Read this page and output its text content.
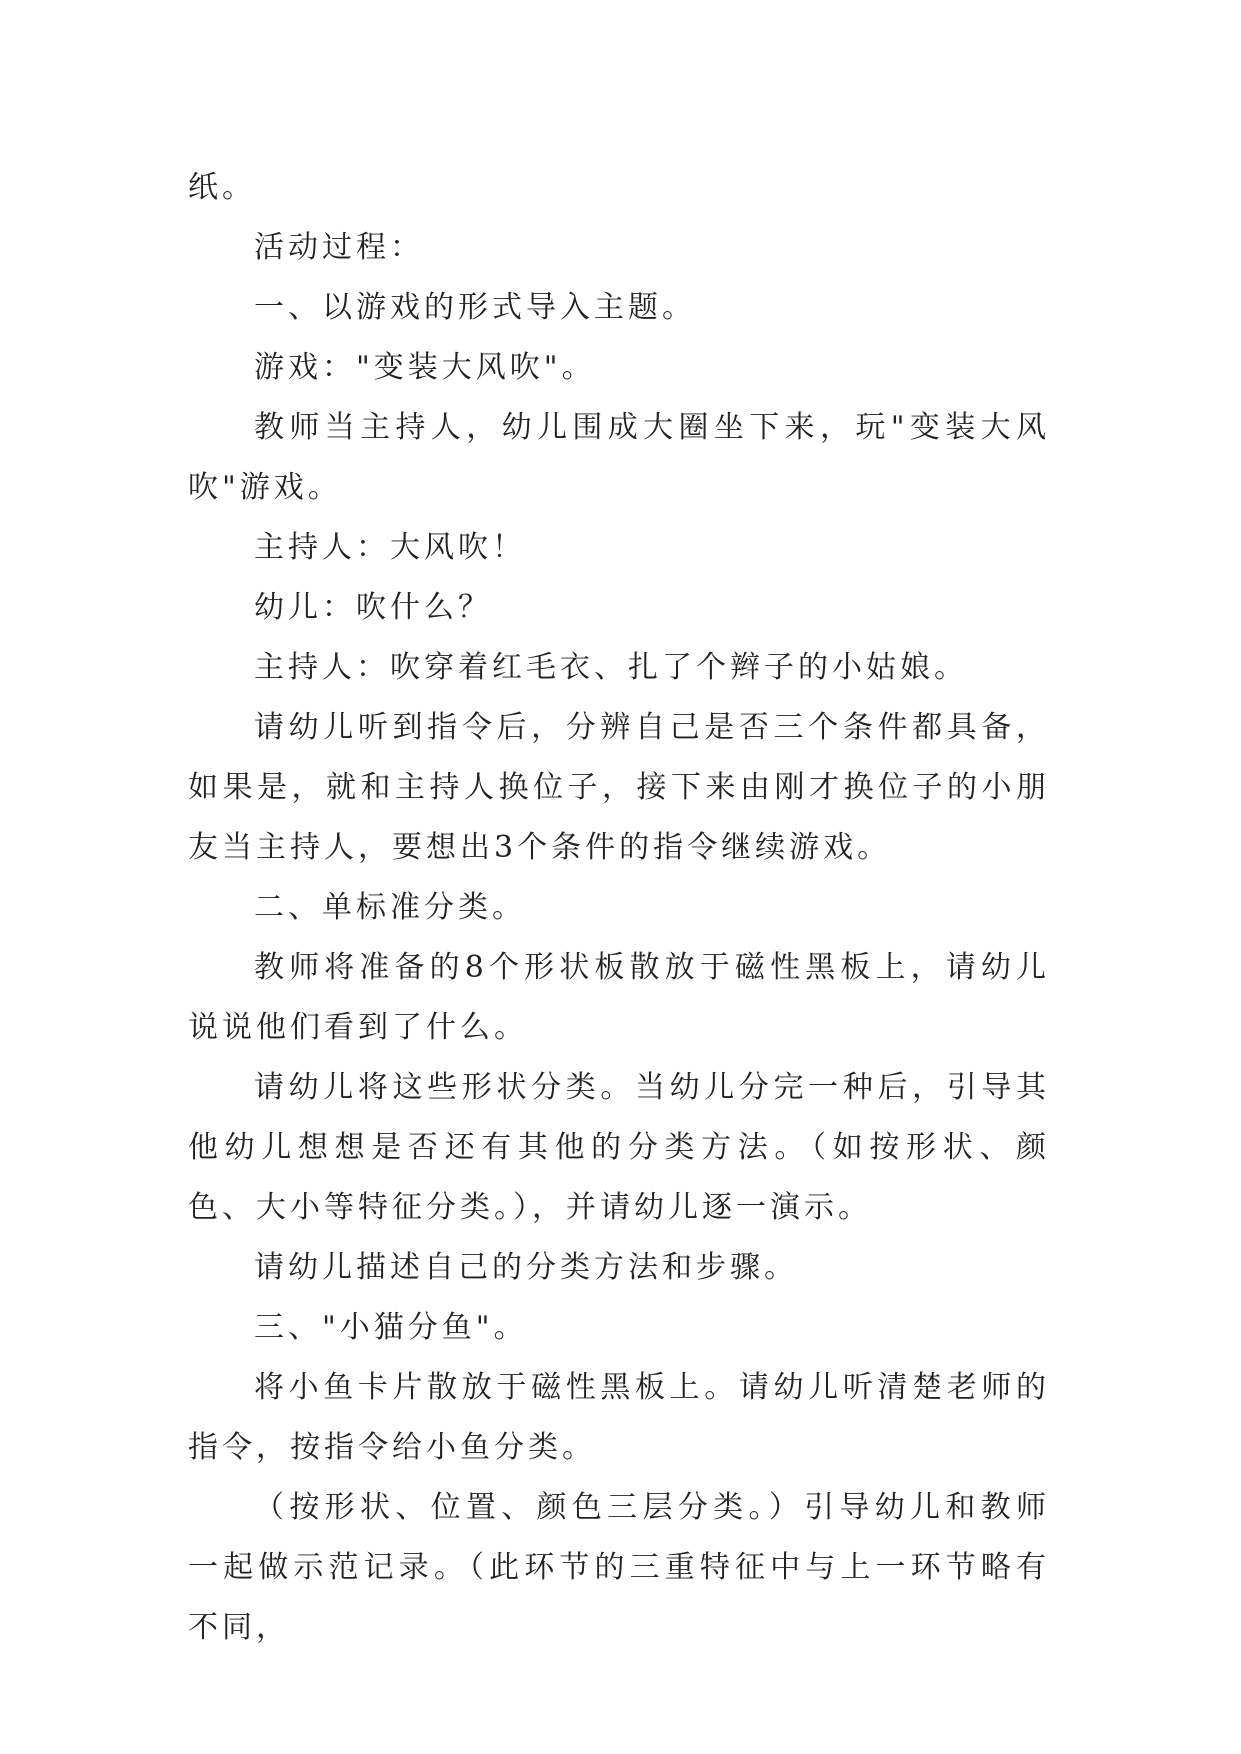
纸。

活动过程：

一、以游戏的形式导入主题。

游戏："变装大风吹"。

教师当主持人，幼儿围成大圈坐下来，玩"变装大风吹"游戏。

主持人：大风吹！

幼儿：吹什么？

主持人：吹穿着红毛衣、扎了个辫子的小姑娘。

请幼儿听到指令后，分辨自己是否三个条件都具备，如果是，就和主持人换位子，接下来由刚才换位子的小朋友当主持人，要想出3个条件的指令继续游戏。

二、单标准分类。

教师将准备的8个形状板散放于磁性黑板上，请幼儿说说他们看到了什么。

请幼儿将这些形状分类。当幼儿分完一种后，引导其他幼儿想想是否还有其他的分类方法。（如按形状、颜色、大小等特征分类。），并请幼儿逐一演示。

请幼儿描述自己的分类方法和步骤。

三、"小猫分鱼"。

将小鱼卡片散放于磁性黑板上。请幼儿听清楚老师的指令，按指令给小鱼分类。

（按形状、位置、颜色三层分类。）引导幼儿和教师一起做示范记录。（此环节的三重特征中与上一环节略有不同，
